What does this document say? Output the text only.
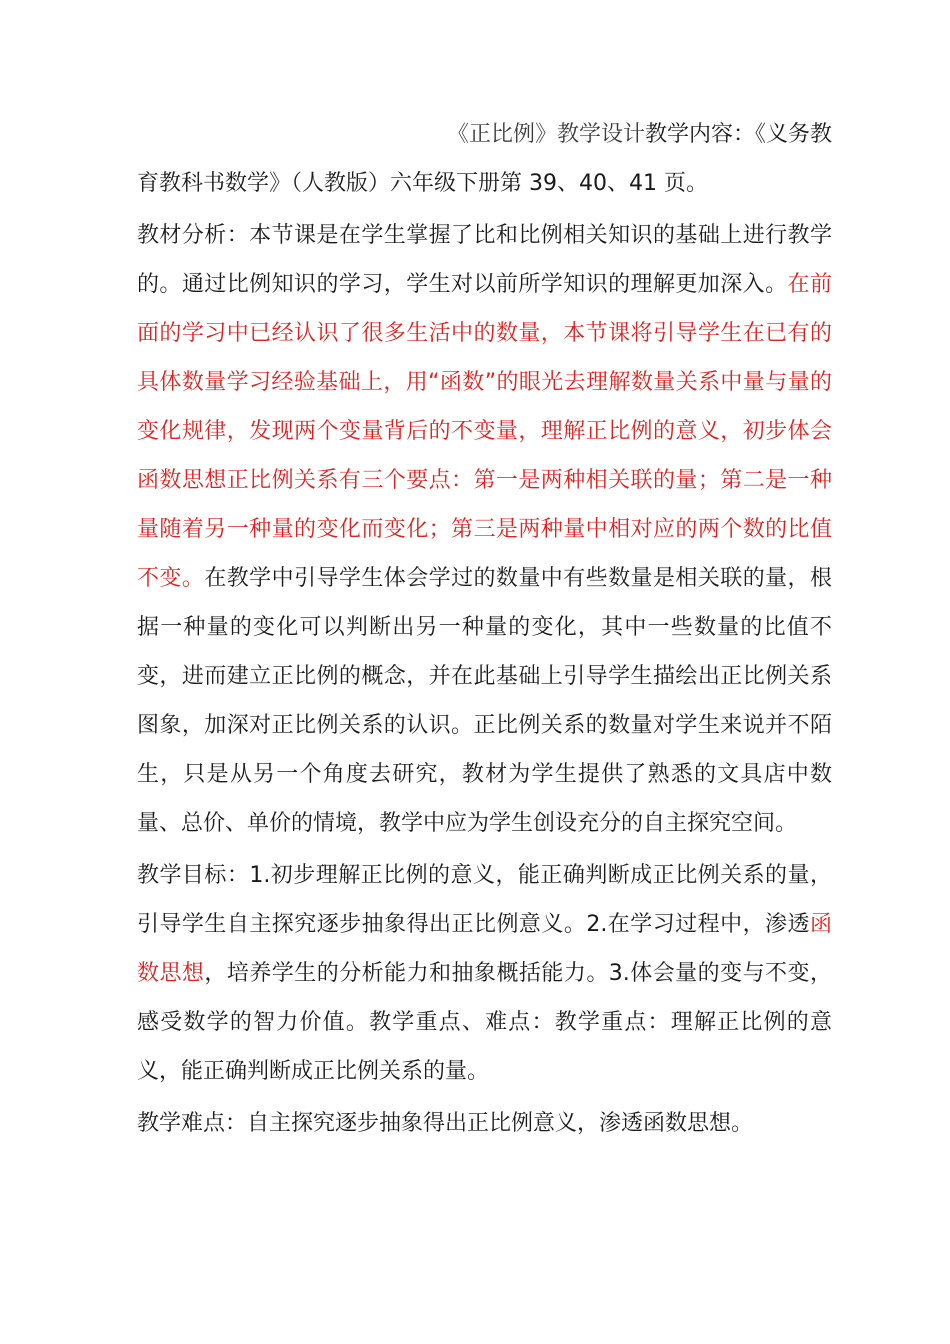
《正比例》教学设计教学内容：《义务教
育教科书数学》（人教版）六年级下册第 39、40、41 页。

教材分析：本节课是在学生掌握了比和比例相关知识的基础上进行教学的。通过比例知识的学习，学生对以前所学知识的理解更加深入。在前面的学习中已经认识了很多生活中的数量，本节课将引导学生在已有的具体数量学习经验基础上，用“函数”的眼光去理解数量关系中量与量的变化规律，发现两个变量背后的不变量，理解正比例的意义，初步体会函数思想正比例关系有三个要点：第一是两种相关联的量；第二是一种量随着另一种量的变化而变化；第三是两种量中相对应的两个数的比值不变。在教学中引导学生体会学过的数量中有些数量是相关联的量，根据一种量的变化可以判断出另一种量的变化，其中一些数量的比值不变，进而建立正比例的概念，并在此基础上引导学生描绘出正比例关系图象，加深对正比例关系的认识。正比例关系的数量对学生来说并不陌生，只是从另一个角度去研究，教材为学生提供了熟悉的文具店中数量、总价、单价的情境，教学中应为学生创设充分的自主探究空间。

教学目标：1.初步理解正比例的意义，能正确判断成正比例关系的量，引导学生自主探究逐步抽象得出正比例意义。2.在学习过程中，渗透函数思想，培养学生的分析能力和抽象概括能力。3.体会量的变与不变，感受数学的智力价值。教学重点、难点：教学重点：理解正比例的意义，能正确判断成正比例关系的量。

教学难点：自主探究逐步抽象得出正比例意义，渗透函数思想。
